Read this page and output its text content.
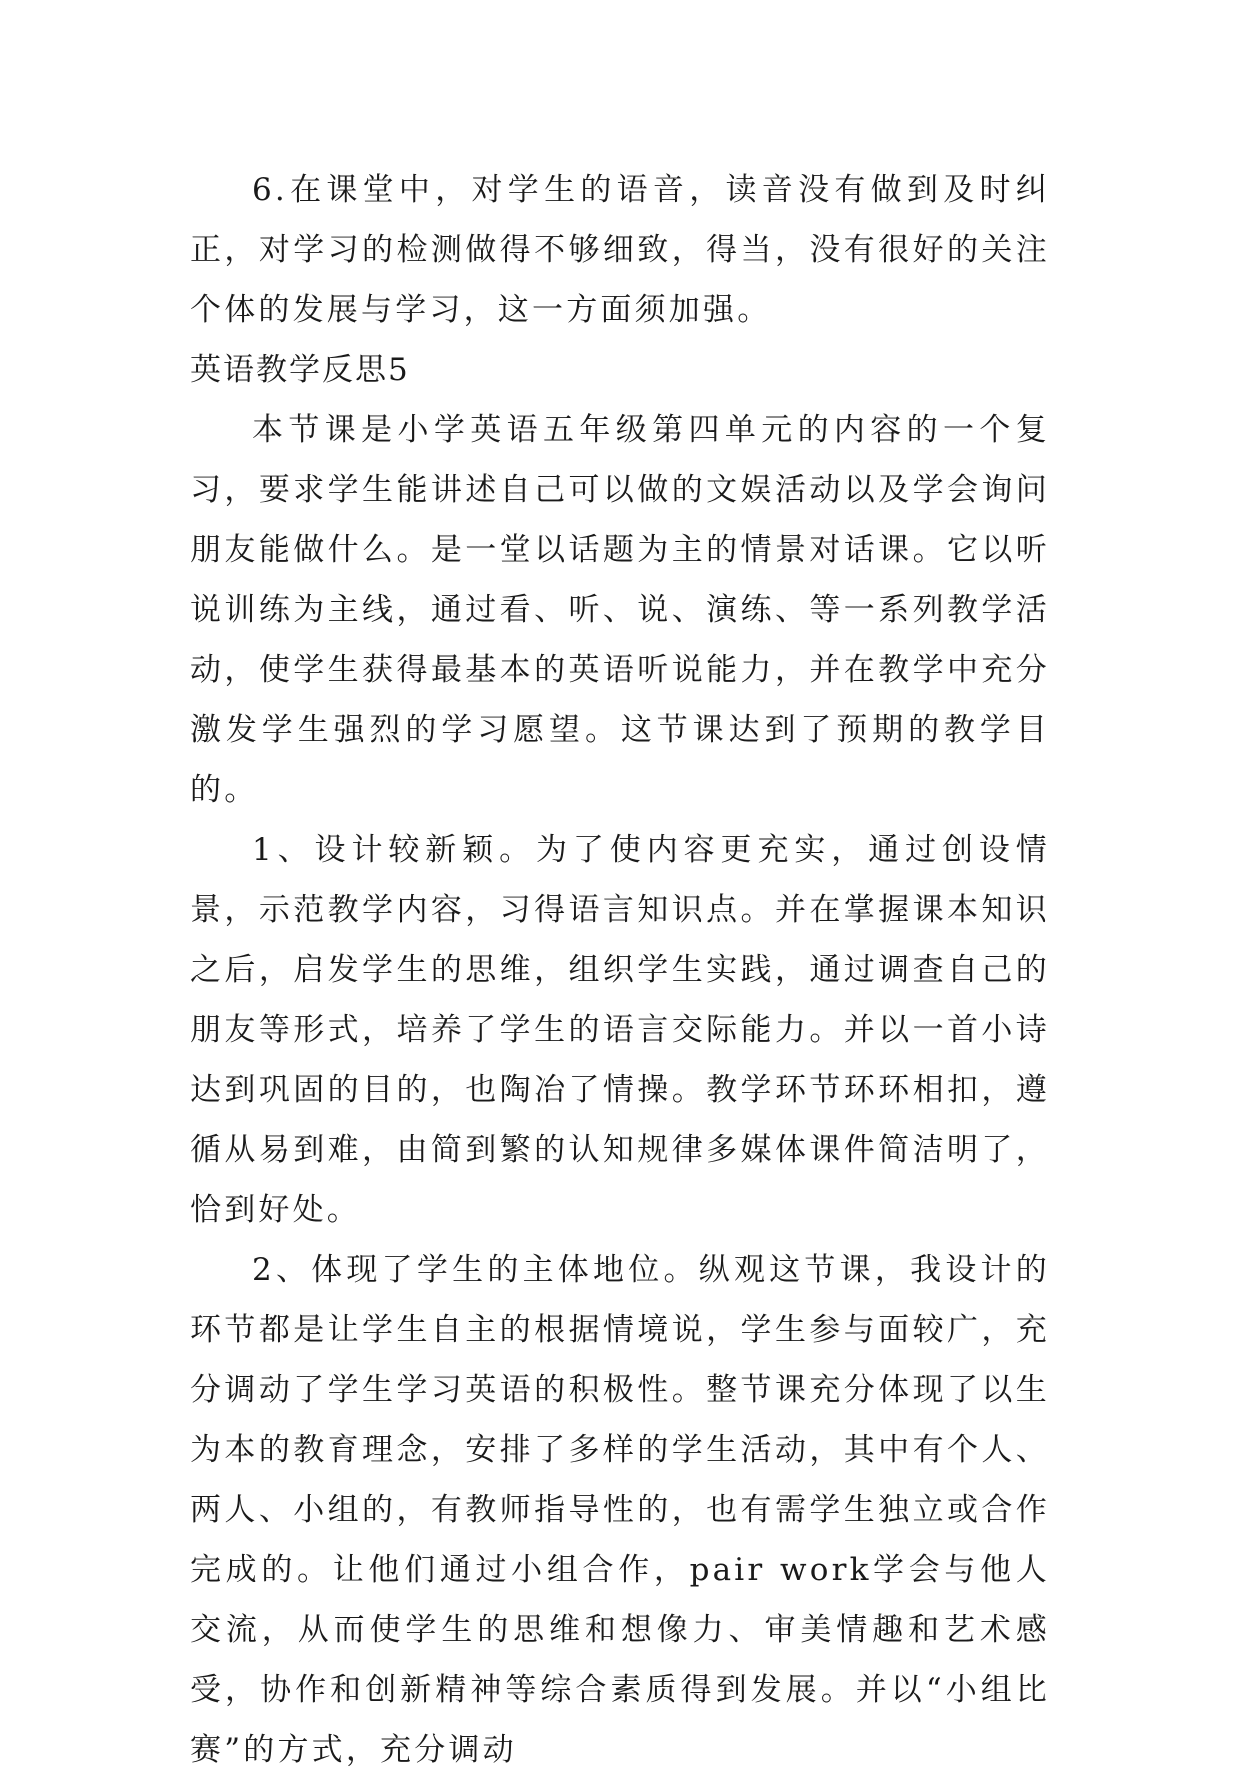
6.在课堂中，对学生的语音，读音没有做到及时纠正，对学习的检测做得不够细致，得当，没有很好的关注个体的发展与学习，这一方面须加强。

英语教学反思5

本节课是小学英语五年级第四单元的内容的一个复习，要求学生能讲述自己可以做的文娱活动以及学会询问朋友能做什么。是一堂以话题为主的情景对话课。它以听说训练为主线，通过看、听、说、演练、等一系列教学活动，使学生获得最基本的英语听说能力，并在教学中充分激发学生强烈的学习愿望。这节课达到了预期的教学目的。

1、设计较新颖。为了使内容更充实，通过创设情景，示范教学内容，习得语言知识点。并在掌握课本知识之后，启发学生的思维，组织学生实践，通过调查自己的朋友等形式，培养了学生的语言交际能力。并以一首小诗达到巩固的目的，也陶冶了情操。教学环节环环相扣，遵循从易到难，由简到繁的认知规律多媒体课件简洁明了，恰到好处。

2、体现了学生的主体地位。纵观这节课，我设计的环节都是让学生自主的根据情境说，学生参与面较广，充分调动了学生学习英语的积极性。整节课充分体现了以生为本的教育理念，安排了多样的学生活动，其中有个人、两人、小组的，有教师指导性的，也有需学生独立或合作完成的。让他们通过小组合作，pair work学会与他人交流，从而使学生的思维和想像力、审美情趣和艺术感受，协作和创新精神等综合素质得到发展。并以“小组比赛”的方式，充分调动
